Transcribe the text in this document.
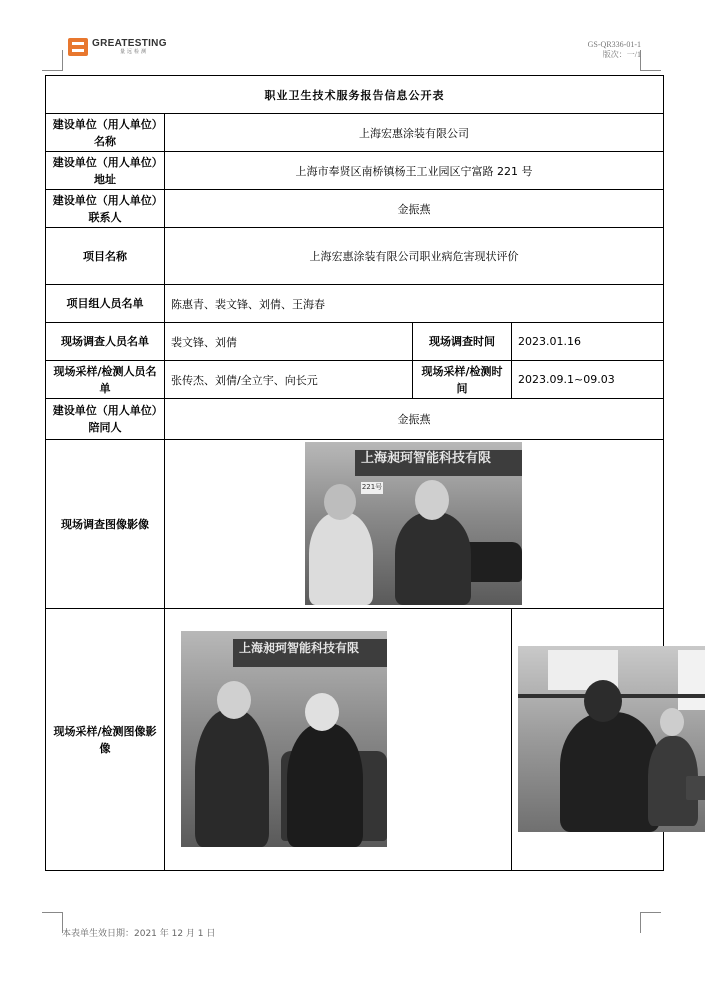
GREATESTING
量远检测
GS-QR336-01-1
版次：一/1
职业卫生技术服务报告信息公开表			
建设单位（用人单位）名称	上海宏惠涂装有限公司		
建设单位（用人单位）地址	上海市奉贤区南桥镇杨王工业园区宁富路 221 号		
建设单位（用人单位）联系人	金振燕		
项目名称	上海宏惠涂装有限公司职业病危害现状评价		
项目组人员名单	陈惠青、裴文锋、刘倩、王海春		
现场调查人员名单	裴文锋、刘倩	现场调查时间	2023.01.16
现场采样/检测人员名单	张传杰、刘倩/全立宇、向长元	现场采样/检测时间	2023.09.1~09.03
建设单位（用人单位）陪同人	金振燕		
现场调查图像影像	上海昶珂智能科技有限
221号		

现场采样/检测图像影像	上海昶珂智能科技有限		

本表单生效日期：2021 年 12 月 1 日
